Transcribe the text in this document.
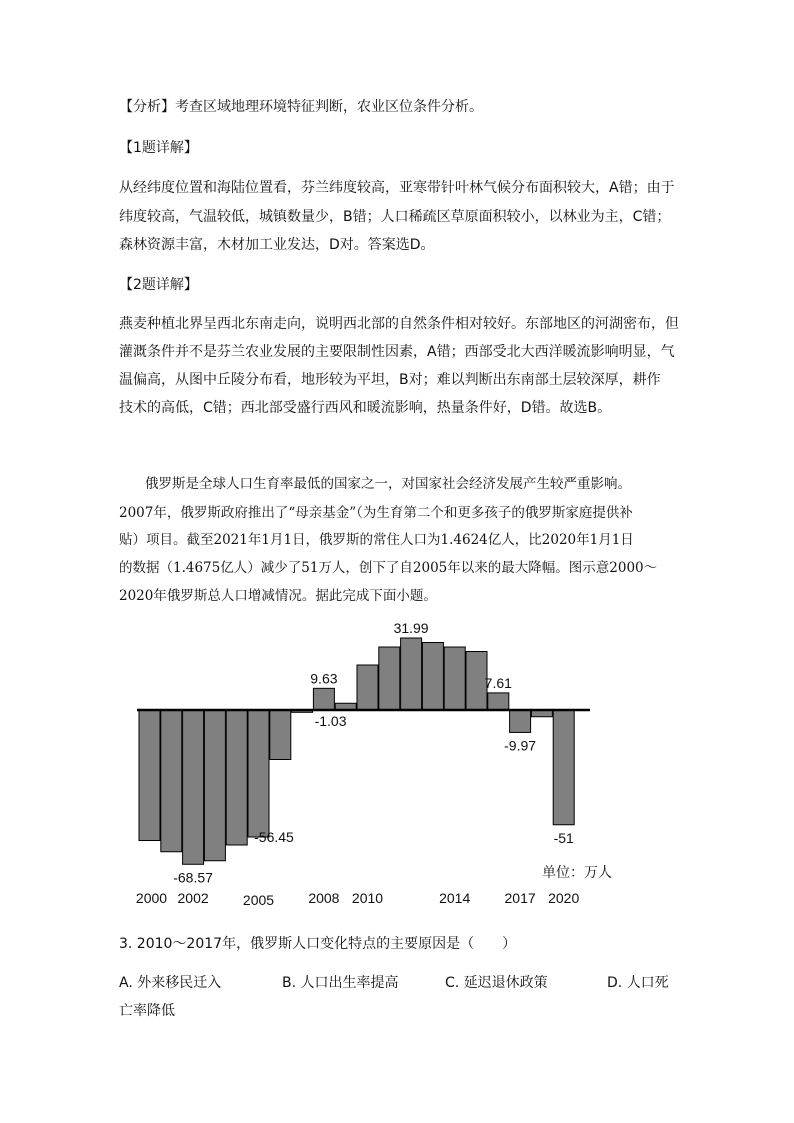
【分析】考查区域地理环境特征判断，农业区位条件分析。
【1题详解】
从经纬度位置和海陆位置看，芬兰纬度较高，亚寒带针叶林气候分布面积较大，A错；由于
纬度较高，气温较低，城镇数量少，B错；人口稀疏区草原面积较小，以林业为主，C错；
森林资源丰富，木材加工业发达，D对。答案选D。
【2题详解】
燕麦种植北界呈西北东南走向，说明西北部的自然条件相对较好。东部地区的河湖密布，但
灌溉条件并不是芬兰农业发展的主要限制性因素，A错；西部受北大西洋暖流影响明显，气
温偏高，从图中丘陵分布看，地形较为平坦，B对；难以判断出东南部土层较深厚，耕作
技术的高低，C错；西北部受盛行西风和暖流影响，热量条件好，D错。故选B。
俄罗斯是全球人口生育率最低的国家之一，对国家社会经济发展产生较严重影响。
2007年，俄罗斯政府推出了“母亲基金”（为生育第二个和更多孩子的俄罗斯家庭提供补
贴）项目。截至2021年1月1日，俄罗斯的常住人口为1.4624亿人，比2020年1月1日
的数据（1.4675亿人）减少了51万人，创下了自2005年以来的最大降幅。图示意2000～
2020年俄罗斯总人口增减情况。据此完成下面小题。
-68.57
-56.45
-1.03
9.63
31.99
7.61
-9.97
-51
2000 2002 2005 2008 2010	2014 2017 2020
单位：万人
3. 2010～2017年，俄罗斯人口变化特点的主要原因是（　　）
A. 外来移民迁入	B. 人口出生率提高	C. 延迟退休政策	D. 人口死
亡率降低
